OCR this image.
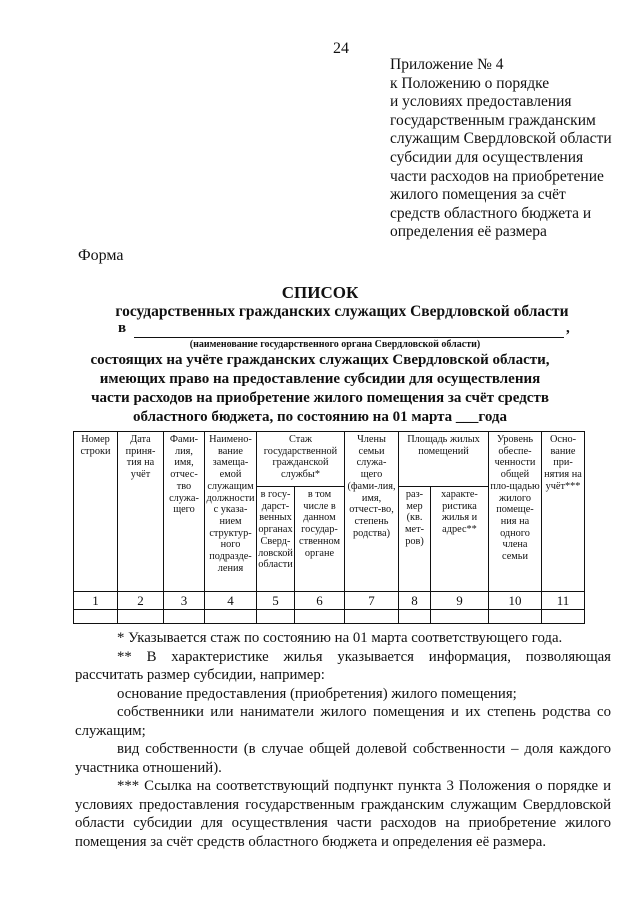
24
Приложение № 4
к Положению о порядке
и условиях предоставления
государственным гражданским
служащим Свердловской области
субсидии для осуществления
части расходов на приобретение
жилого помещения за счёт
средств областного бюджета и
определения её размера
Форма
СПИСОК
государственных гражданских служащих Свердловской области
в	,
(наименование государственного органа Свердловской области)
состоящих на учёте гражданских служащих Свердловской области,
имеющих право на предоставление субсидии для осуществления
части расходов на приобретение жилого помещения за счёт средств
областного бюджета, по состоянию на 01 марта ___года
Номер строки	Дата приня-тия на учёт	Фами-лия, имя, отчес-тво служа-щего	Наимено-вание замеща-емой служащим должности с указа-нием структур-ного подразде-ления	Стаж государственной гражданской службы*		Члены семьи служа-щего (фами-лия, имя, отчест-во, степень родства)	Площадь жилых помещений		Уровень обеспе-ченности общей пло-щадью жилого помеще-ния на одного члена семьи	Осно-вание при-нятия на учёт***
				в госу-дарст-венных органах Сверд-ловской области	в том числе в данном государ-ственном органе		раз-мер (кв. мет-ров)	характе-ристика жилья и адрес**		
1	2	3	4	5	6	7	8	9	10	11

* Указывается стаж по состоянию на 01 марта соответствующего года.

** В характеристике жилья указывается информация, позволяющая рассчитать размер субсидии, например:

основание предоставления (приобретения) жилого помещения;

собственники или наниматели жилого помещения и их степень родства со служащим;

вид собственности (в случае общей долевой собственности – доля каждого участника отношений).

*** Ссылка на соответствующий подпункт пункта 3 Положения о порядке и условиях предоставления государственным гражданским служащим Свердловской области субсидии для осуществления части расходов на приобретение жилого помещения за счёт средств областного бюджета и определения её размера.
